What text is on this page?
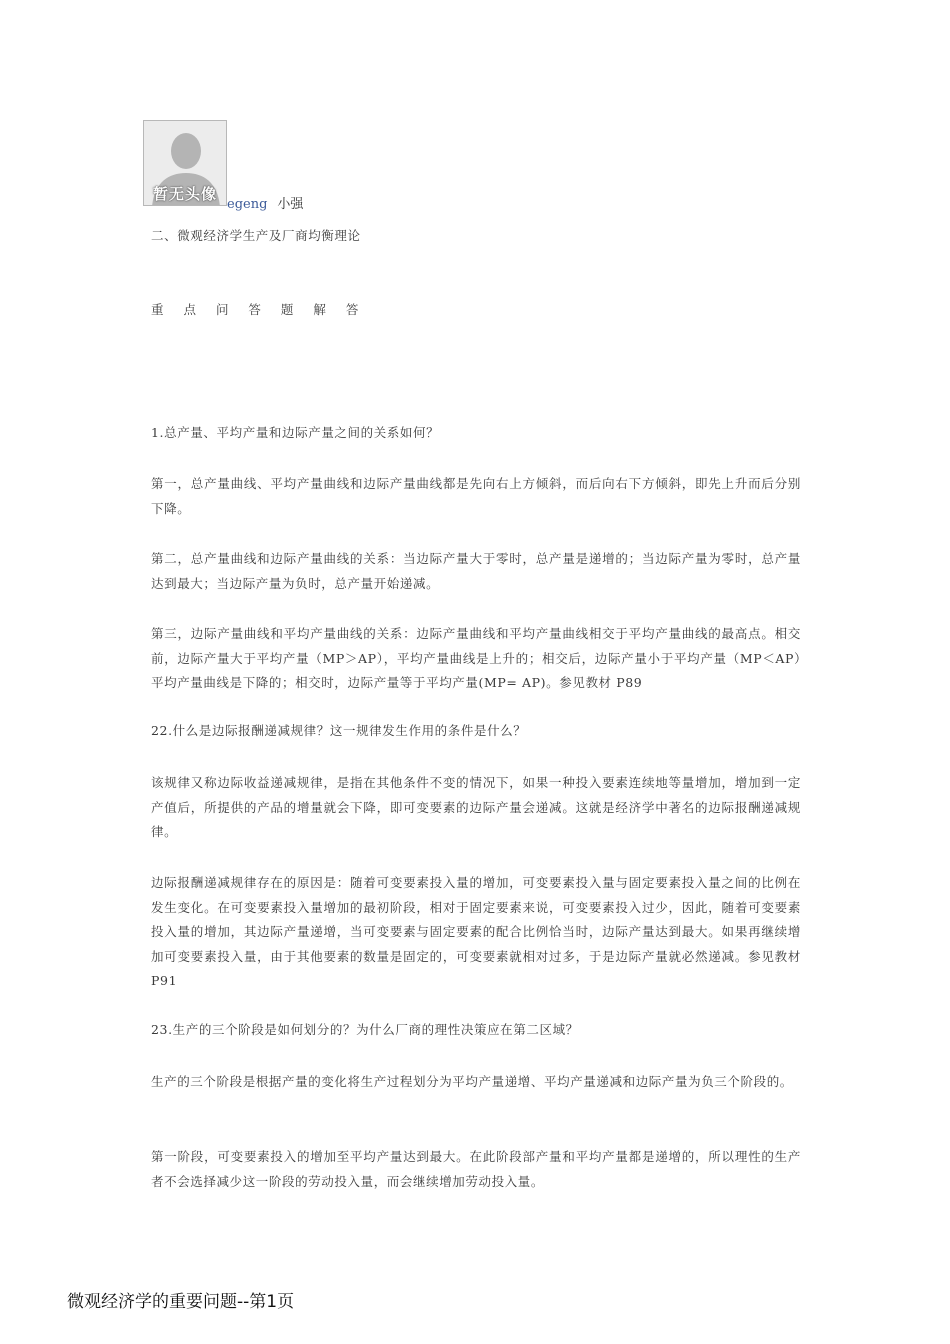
暂无头像
egeng 小强
二、微观经济学生产及厂商均衡理论
重 点 问 答 题 解 答
1.总产量、平均产量和边际产量之间的关系如何？
第一，总产量曲线、平均产量曲线和边际产量曲线都是先向右上方倾斜，而后向右下方倾斜，即先上升而后分别下降。
第二，总产量曲线和边际产量曲线的关系：当边际产量大于零时，总产量是递增的；当边际产量为零时，总产量达到最大；当边际产量为负时，总产量开始递减。
第三，边际产量曲线和平均产量曲线的关系：边际产量曲线和平均产量曲线相交于平均产量曲线的最高点。相交前，边际产量大于平均产量（MP＞AP），平均产量曲线是上升的；相交后，边际产量小于平均产量（MP＜AP）平均产量曲线是下降的；相交时，边际产量等于平均产量(MP= AP)。参见教材 P89
22.什么是边际报酬递减规律？这一规律发生作用的条件是什么？
该规律又称边际收益递减规律，是指在其他条件不变的情况下，如果一种投入要素连续地等量增加，增加到一定产值后，所提供的产品的增量就会下降，即可变要素的边际产量会递减。这就是经济学中著名的边际报酬递减规律。
边际报酬递减规律存在的原因是：随着可变要素投入量的增加，可变要素投入量与固定要素投入量之间的比例在发生变化。在可变要素投入量增加的最初阶段，相对于固定要素来说，可变要素投入过少，因此，随着可变要素投入量的增加，其边际产量递增，当可变要素与固定要素的配合比例恰当时，边际产量达到最大。如果再继续增加可变要素投入量，由于其他要素的数量是固定的，可变要素就相对过多，于是边际产量就必然递减。参见教材 P91
23.生产的三个阶段是如何划分的？为什么厂商的理性决策应在第二区域？
生产的三个阶段是根据产量的变化将生产过程划分为平均产量递增、平均产量递减和边际产量为负三个阶段的。
第一阶段，可变要素投入的增加至平均产量达到最大。在此阶段部产量和平均产量都是递增的，所以理性的生产者不会选择减少这一阶段的劳动投入量，而会继续增加劳动投入量。
微观经济学的重要问题--第1页
